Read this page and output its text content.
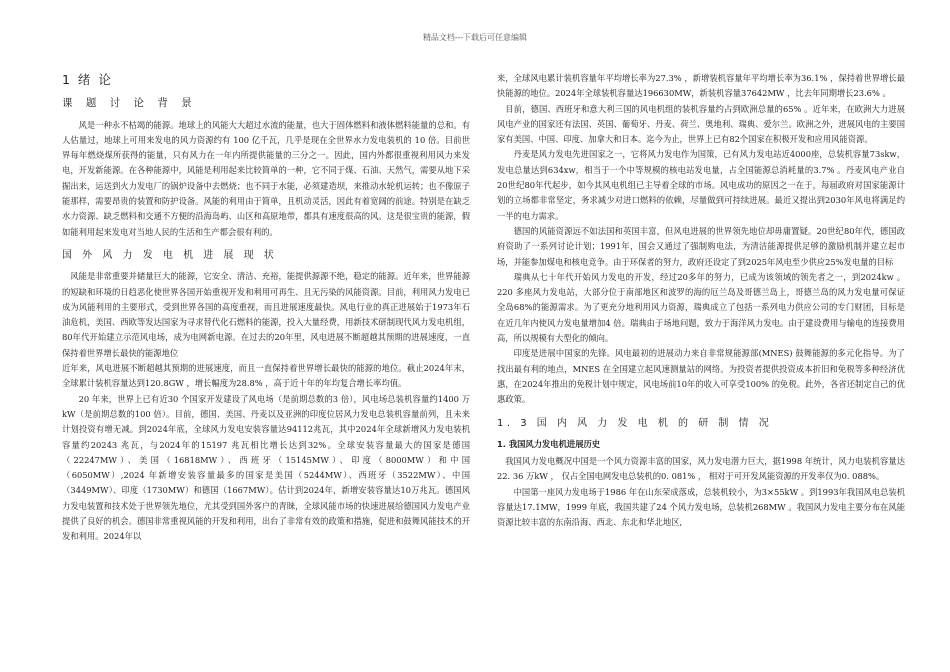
精品文档---下载后可任意编辑
1 绪 论
课 题 讨 论 背 景

风是一种永不枯竭的能源。地球上的风能大大超过水流的能量，也大于固体燃料和液体燃料能量的总和。有人估量过，地球上可用来发电的风力资源约有 100 亿千瓦，几乎是现在全世界水力发电装机的 10 倍。目前世界每年燃烧煤所获得的能量，只有风力在一年内所提供能量的三分之一。因此，国内外都很重视利用风力来发电，开发新能源。在各种能源中，风能是利用起来比较简单的一种，它不同于煤、石油、天然气，需要从地下采掘出来，运送到火力发电厂的锅炉设备中去燃烧；也不同于水能，必须建造坝，来推动水轮机运转；也不像原子能那样，需要昂贵的装置和防护设备。风能的利用由于简单，且机动灵活，因此有着宽阔的前途。特别是在缺乏水力资源、缺乏燃料和交通不方便的沿海岛屿、山区和高原地带，都具有速度很高的风。这是很宝贵的能源，假如能利用起来发电对当地人民的生活和生产都会很有利的。

国 外 风 力 发 电 机 进 展 现 状

风能是非常重要并储量巨大的能源，它安全、清洁、充裕，能提供源源不绝，稳定的能源。近年来，世界能源的短缺和环境的日趋恶化使世界各国开始重视开发和利用可再生、且无污染的风能资源。目前，利用风力发电已成为风能利用的主要形式，受到世界各国的高度重视，而且进展速度最快。风电行业的真正进展始于1973年石油危机，美国、西欧等发达国家为寻求替代化石燃料的能源，投入大量经费，用新技术研制现代风力发电机组，80年代开始建立示范风电场，成为电网新电源。在过去的20年里，风电进展不断超越其预期的进展速度，一直保持着世界增长最快的能源地位

近年来，风电进展不断超越其预期的进展速度，而且一直保持着世界增长最快的能源的地位。截止2024年末，全球累计装机容量达到120.8GW ，增长幅度为28.8% ，高于近十年的年均复合增长率均值。

20 年来，世界上已有近30 个国家开发建设了风电场（是前期总数的3 倍），风电场总装机容量约1400 万kW（是前期总数的100 倍）。目前，德国、美国、丹麦以及亚洲的印度位居风力发电总装机容量前列，且未来计划投资有增无减。到2024年底，全球风力发电安装容量达94112兆瓦，其中2024年全球新增风力发电装机容量约20243 兆瓦，与2024年的15197 兆瓦相比增长达到32%。全球安装容量最大的国家是德国（22247MW）、美国（16818MW）、西班牙（15145MW）、印度（8000MW）和中国（6050MW）,2024 年新增安装容量最多的国家是美国（5244MW）、西班牙（3522MW）、中国（3449MW）、印度（1730MW）和德国（1667MW）。估计到2024年，新增安装容量达10万兆瓦。德国风力发电装置和技术处于世界领先地位，尤其受到国外客户的青睐，全球风能市场的快速进展给德国风力发电产业提供了良好的机会。德国非常重视风能的开发和利用，出台了非常有效的政策和措施，促进和鼓舞风能技术的开发和利用。2024年以

来，全球风电累计装机容量年平均增长率为27.3% ，新增装机容量年平均增长率为36.1% ，保持着世界增长最快能源的地位。2024年全球装机容量达196630MW，新装机容量37642MW ，比去年同期增长23.6% 。

目前，德国、西班牙和意大利三国的风电机组的装机容量约占到欧洲总量的65% 。近年来，在欧洲大力进展风电产业的国家还有法国、英国、葡萄牙、丹麦、荷兰、奥地利、瑞典、爱尔兰。欧洲之外，进展风电的主要国家有美国、中国、印度、加拿大和日本。迄今为止，世界上已有82个国家在积极开发和应用风能资源。

丹麦是风力发电先进国家之一，它将风力发电作为国策，已有风力发电站近4000座，总装机容量73skw，发电总量达到634xw，相当于一个中等规模的核电站发电量，占全国能源总消耗量的3.7% 。丹麦风电产业自20世纪80年代起步，如今其风电机组已主导着全球的市场。风电成功的原因之一在于，每届政府对国家能源计划的立场都非常坚定，务求减少对进口燃料的依赖，尽量做到可持续进展。最近又提出到2030年风电将满足约一半的电力需求。

德国的风能资源远不如法国和英国丰富，但风电进展的世界领先地位却毋庸置疑。20世纪80年代，德国政府资助了一系列讨论计划；1991年，国会又通过了强制购电法，为清洁能源提供足够的激励机制并建立起市场，并能参加煤电和核电竞争。由于环保者的努力，政府还设定了到2025年风电至少供应25%发电量的目标

瑞典从七十年代开始风力发电的开发，经过20多年的努力，已成为该领域的领先者之一，到2024kw 。220 多座风力发电站，大部分位于南部地区和波罗的海的厄兰岛及哥德兰岛上，哥德兰岛的风力发电量可保证全岛68%的能源需求。为了更充分地利用风力资源，瑞典成立了包括一系列电力供应公司的专门财团，目标是在近几年内使风力发电量增加4 倍。瑞典由于场地问题，致力于海洋风力发电。由于建设费用与输电的连接费用高，所以规模有大型化的倾向。

印度是进展中国家的先锋。风电最初的进展动力来自非常规能源部(MNES) 鼓舞能源的多元化指导。为了找出最有利的地点，MNES 在全国建立起风速测量站的网络。为投资者提供投资成本折旧和免税等多种经济优惠，在2024年推出的免税计划中规定，风电场前10年的收入可享受100% 的免税。此外，各省还制定自己的优惠政策。

1. 3 国 内 风 力 发 电 机 的 研 制 情 况
1. 我国风力发电机进展历史

我国风力发电概况中国是一个风力资源丰富的国家，风力发电潜力巨大，据1998 年统计，风力电装机容量达22. 36 万kW ， 仅占全国电网发电总装机的0. 081% ， 相对于可开发风能资源的开发率仅为0. 088%。

中国第一座风力发电场于1986 年在山东荣成落成，总装机较小，为3×55kW 。到1993年我国风电总装机容量达17.1MW，1999 年底，我国共建了24 个风力发电场，总装机268MW 。我国风力发电主要分布在风能资源比较丰富的东南沿海、西北、东北和华北地区,
